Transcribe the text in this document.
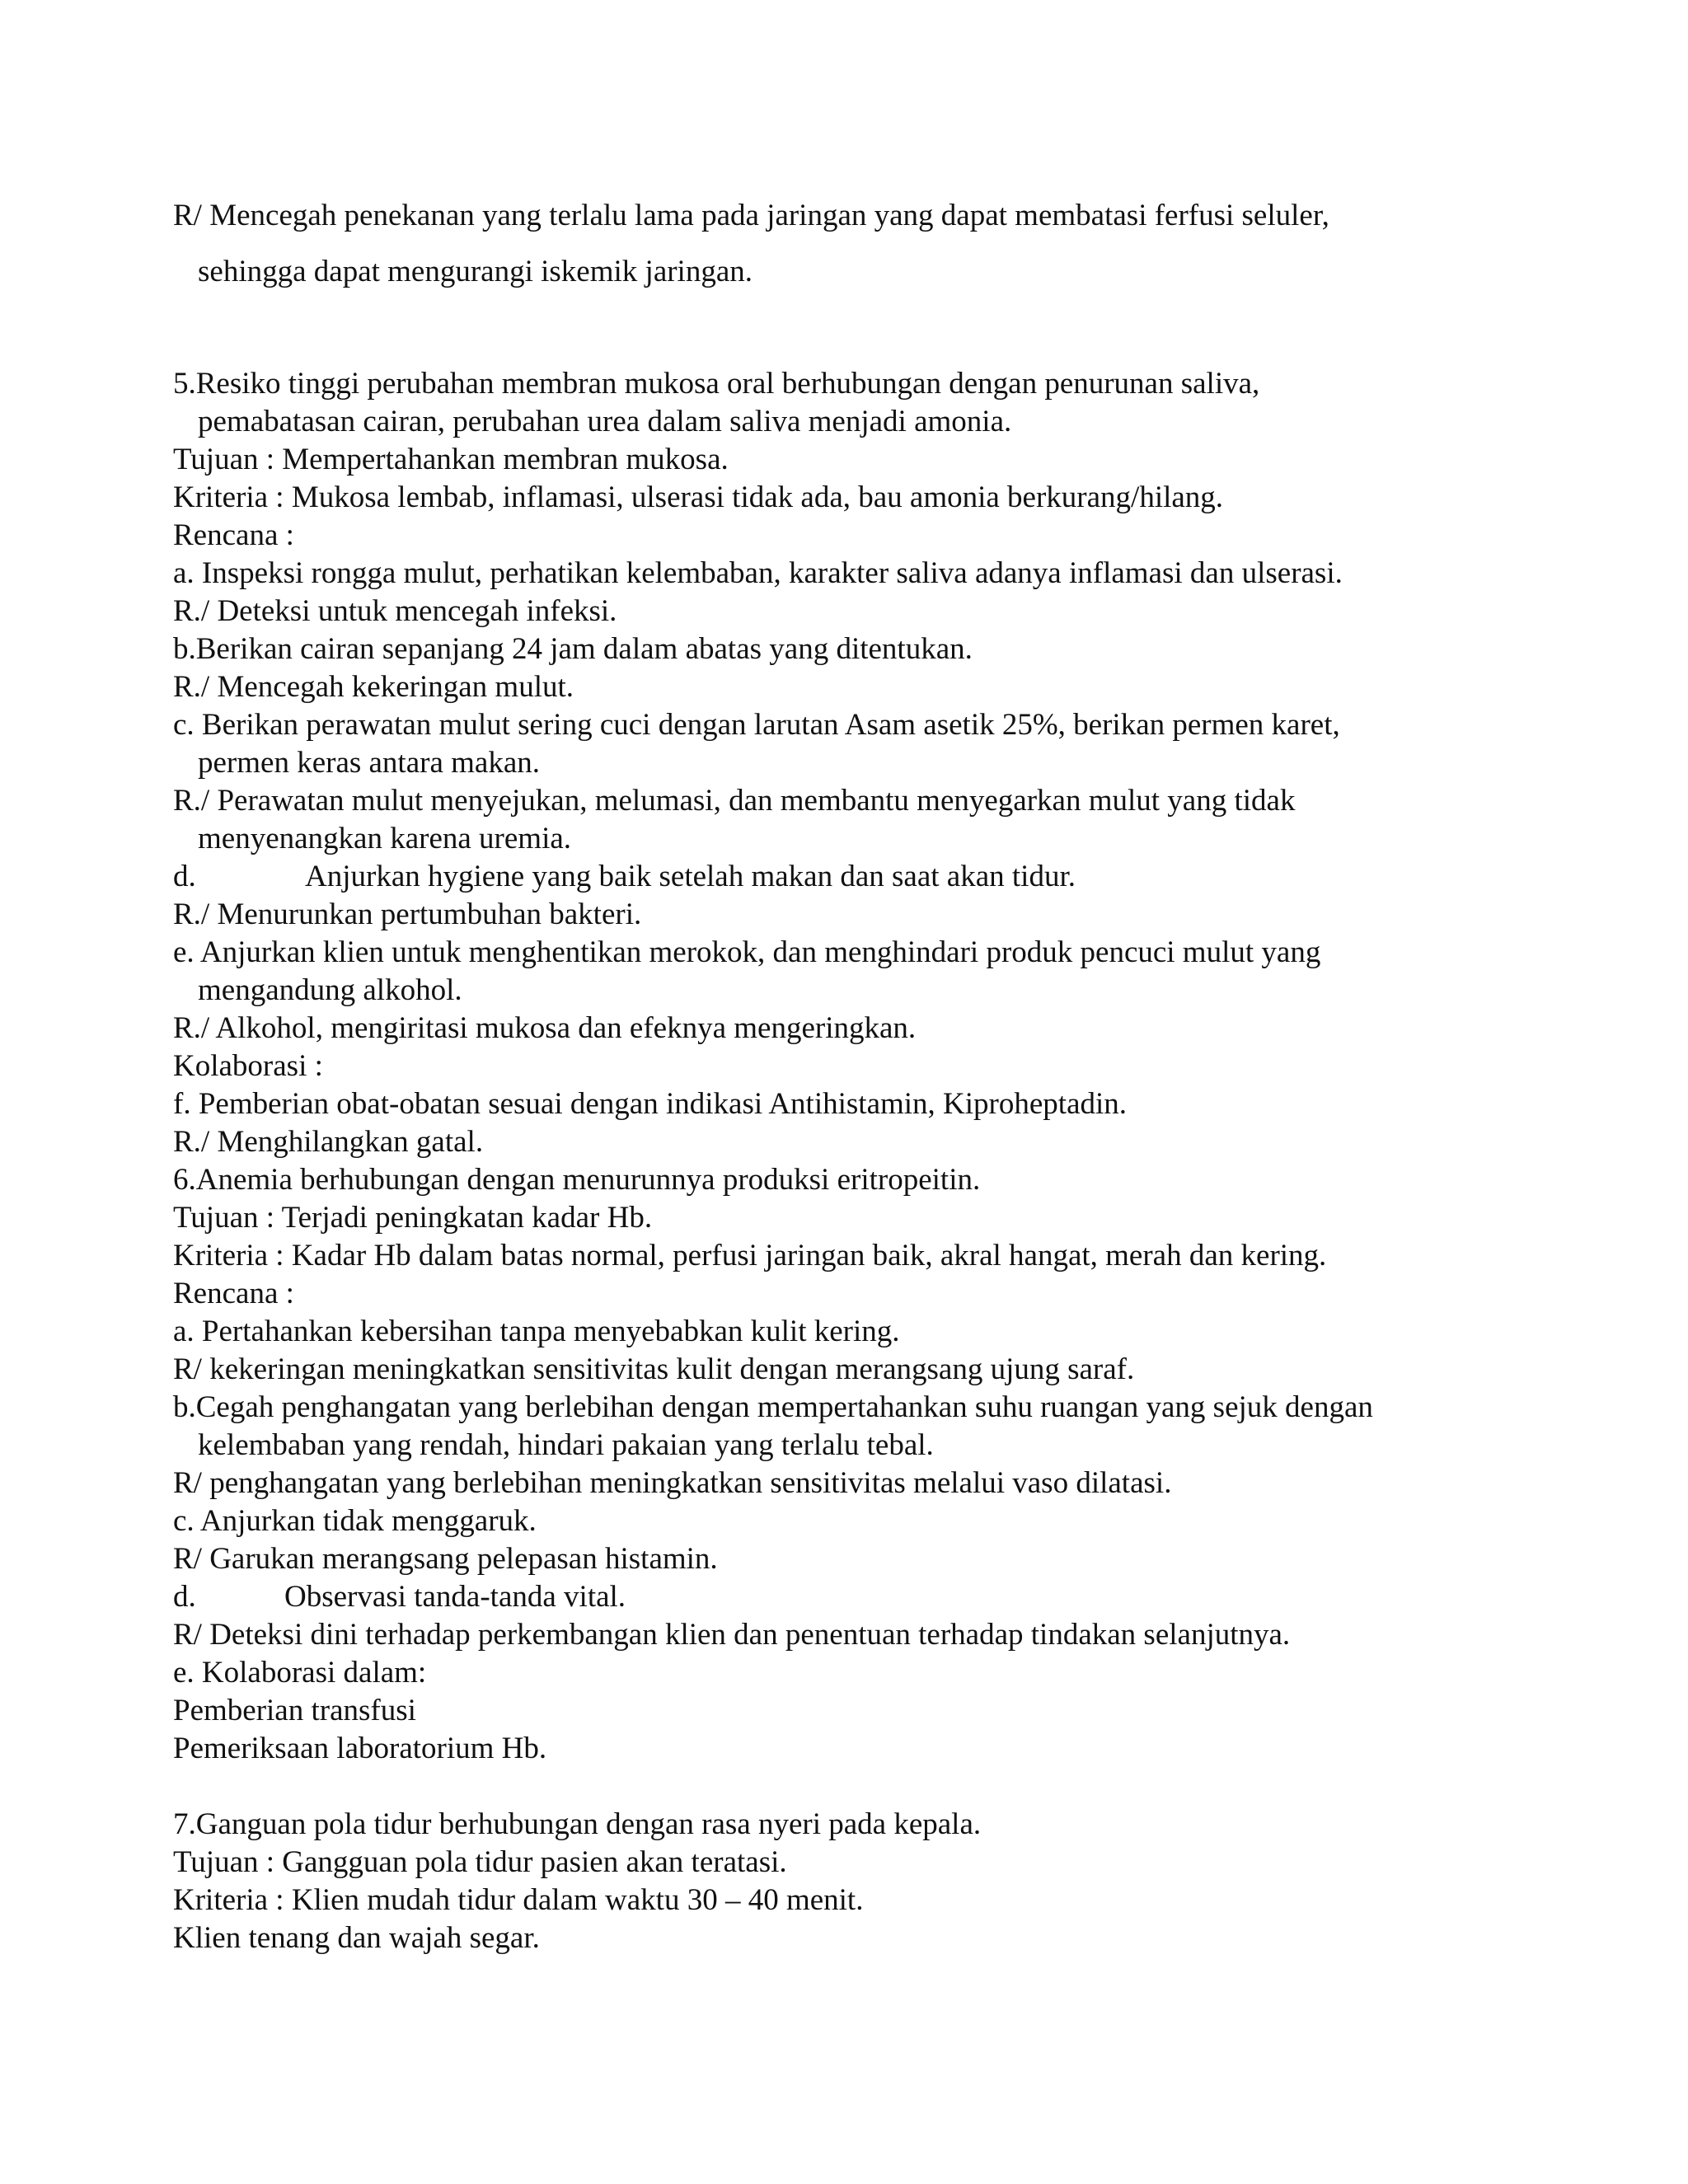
R/ Mencegah penekanan yang terlalu lama pada jaringan yang dapat membatasi ferfusi seluler,

sehingga dapat mengurangi iskemik jaringan.

5.Resiko tinggi perubahan membran mukosa oral berhubungan dengan penurunan saliva,

pemabatasan cairan, perubahan urea dalam saliva menjadi amonia.

Tujuan : Mempertahankan membran mukosa.

Kriteria : Mukosa lembab, inflamasi, ulserasi tidak ada, bau amonia berkurang/hilang.

Rencana :

a. Inspeksi rongga mulut, perhatikan kelembaban, karakter saliva adanya inflamasi dan ulserasi.

R./ Deteksi untuk mencegah infeksi.

b.Berikan cairan sepanjang 24 jam dalam abatas yang ditentukan.

R./ Mencegah kekeringan mulut.

c. Berikan perawatan mulut sering cuci dengan larutan Asam asetik 25%, berikan permen karet,

permen keras antara makan.

R./ Perawatan mulut menyejukan, melumasi, dan membantu menyegarkan mulut yang tidak

menyenangkan karena uremia.

d.	Anjurkan hygiene yang baik setelah makan dan saat akan tidur.

R./ Menurunkan pertumbuhan bakteri.

e. Anjurkan klien untuk menghentikan merokok, dan menghindari produk pencuci mulut yang

mengandung alkohol.

R./ Alkohol, mengiritasi mukosa dan efeknya mengeringkan.

Kolaborasi :

f. Pemberian obat-obatan sesuai dengan indikasi Antihistamin, Kiproheptadin.

R./ Menghilangkan gatal.

6.Anemia berhubungan dengan menurunnya produksi eritropeitin.

Tujuan : Terjadi peningkatan kadar Hb.

Kriteria : Kadar Hb dalam batas normal, perfusi jaringan baik, akral hangat, merah dan kering.

Rencana :

a. Pertahankan kebersihan tanpa menyebabkan kulit kering.

R/ kekeringan meningkatkan sensitivitas kulit dengan merangsang ujung saraf.

b.Cegah penghangatan yang berlebihan dengan mempertahankan suhu ruangan yang sejuk dengan

kelembaban yang rendah, hindari pakaian yang terlalu tebal.

R/ penghangatan yang berlebihan meningkatkan sensitivitas melalui vaso dilatasi.

c. Anjurkan tidak menggaruk.

R/ Garukan merangsang pelepasan histamin.

d.	Observasi tanda-tanda vital.

R/ Deteksi dini terhadap perkembangan klien dan penentuan terhadap tindakan selanjutnya.

e. Kolaborasi dalam:

Pemberian transfusi

Pemeriksaan laboratorium Hb.

7.Ganguan pola tidur berhubungan dengan rasa nyeri pada kepala.

Tujuan : Gangguan pola tidur pasien akan teratasi.

Kriteria : Klien mudah tidur dalam waktu 30 – 40 menit.

Klien tenang dan wajah segar.
